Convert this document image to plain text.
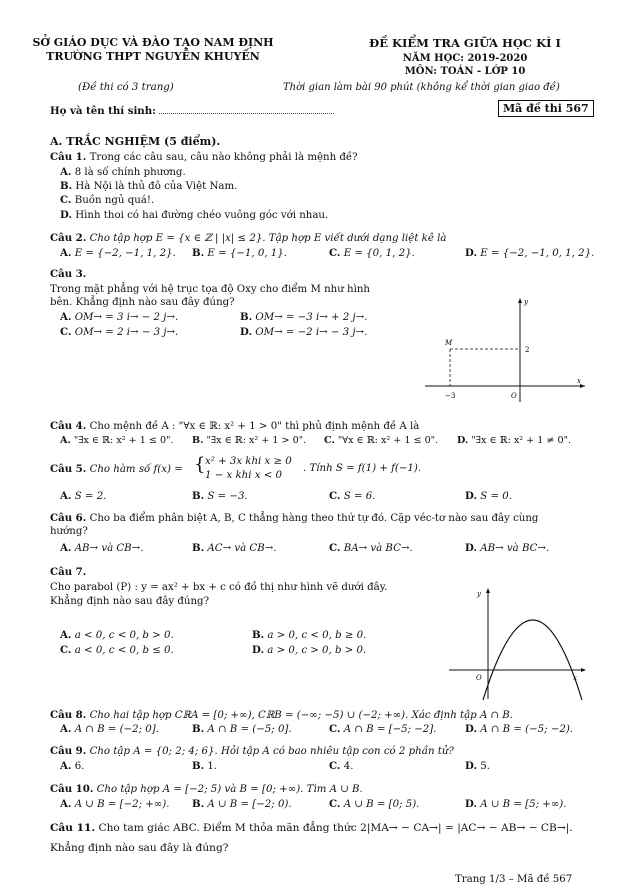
SỞ GIÁO DỤC VÀ ĐÀO TẠO NAM ĐỊNH
TRƯỜNG THPT NGUYỄN KHUYẾN
ĐỀ KIỂM TRA GIỮA HỌC KÌ I
NĂM HỌC: 2019-2020
MÔN: TOÁN - LỚP 10
(Đề thi có 3 trang)	Thời gian làm bài 90 phút (không kể thời gian giao đề)
Họ và tên thí sinh:	Mã đề thi 567
A. TRẮC NGHIỆM (5 điểm).
Câu 1. Trong các câu sau, câu nào không phải là mệnh đề?
A. 8 là số chính phương.
B. Hà Nội là thủ đô của Việt Nam.
C. Buồn ngủ quá!.
D. Hình thoi có hai đường chéo vuông góc với nhau.
Câu 2. Cho tập hợp E = {x ∈ ℤ | |x| ≤ 2}. Tập hợp E viết dưới dạng liệt kê là
A. E = {−2, −1, 1, 2}. B. E = {−1, 0, 1}.	C. E = {0, 1, 2}.	D. E = {−2, −1, 0, 1, 2}.
Câu 3.
Trong mặt phẳng với hệ trục tọa độ Oxy cho điểm M như hình
bên. Khẳng định nào sau đây đúng?
A. OM→ = 3 i→ − 2 j→.	B. OM→ = −3 i→ + 2 j→.
C. OM→ = 2 i→ − 3 j→.	D. OM→ = −2 i→ − 3 j→.
y
x
M
2
−3	O
Câu 4. Cho mệnh đề A : "∀x ∈ ℝ: x² + 1 > 0" thì phủ định mệnh đề A là
A. "∃x ∈ ℝ: x² + 1 ≤ 0". B. "∃x ∈ ℝ: x² + 1 > 0". C. "∀x ∈ ℝ: x² + 1 ≤ 0". D. "∃x ∈ ℝ: x² + 1 ≠ 0".
Câu 5. Cho hàm số f(x) = { x² + 3x khi x ≥ 0
1 − x khi x < 0
. Tính S = f(1) + f(−1).
A. S = 2.	B. S = −3.	C. S = 6.	D. S = 0.
Câu 6. Cho ba điểm phân biệt A, B, C thẳng hàng theo thứ tự đó. Cặp véc-tơ nào sau đây cùng
hướng?
A. AB→ và CB→.	B. AC→ và CB→.	C. BA→ và BC→.	D. AB→ và BC→.
Câu 7.
Cho parabol (P) : y = ax² + bx + c có đồ thị như hình vẽ dưới đây.
Khẳng định nào sau đây đúng?
A. a < 0, c < 0, b > 0.	B. a > 0, c < 0, b ≥ 0.
C. a < 0, c < 0, b ≤ 0.	D. a > 0, c > 0, b > 0.
y
x
O
Câu 8. Cho hai tập hợp CℝA = [0; +∞), CℝB = (−∞; −5) ∪ (−2; +∞). Xác định tập A ∩ B.
A. A ∩ B = (−2; 0].	B. A ∩ B = (−5; 0].	C. A ∩ B = [−5; −2].	D. A ∩ B = (−5; −2).
Câu 9. Cho tập A = {0; 2; 4; 6}. Hỏi tập A có bao nhiêu tập con có 2 phần tử?
A. 6.	B. 1.	C. 4.	D. 5.
Câu 10. Cho tập hợp A = [−2; 5) và B = [0; +∞). Tìm A ∪ B.
A. A ∪ B = [−2; +∞). B. A ∪ B = [−2; 0).	C. A ∪ B = [0; 5).	D. A ∪ B = [5; +∞).
Câu 11. Cho tam giác ABC. Điểm M thỏa mãn đẳng thức 2|MA→ − CA→| = |AC→ − AB→ − CB→|.
Khẳng định nào sau đây là đúng?
Trang 1/3 – Mã đề 567
